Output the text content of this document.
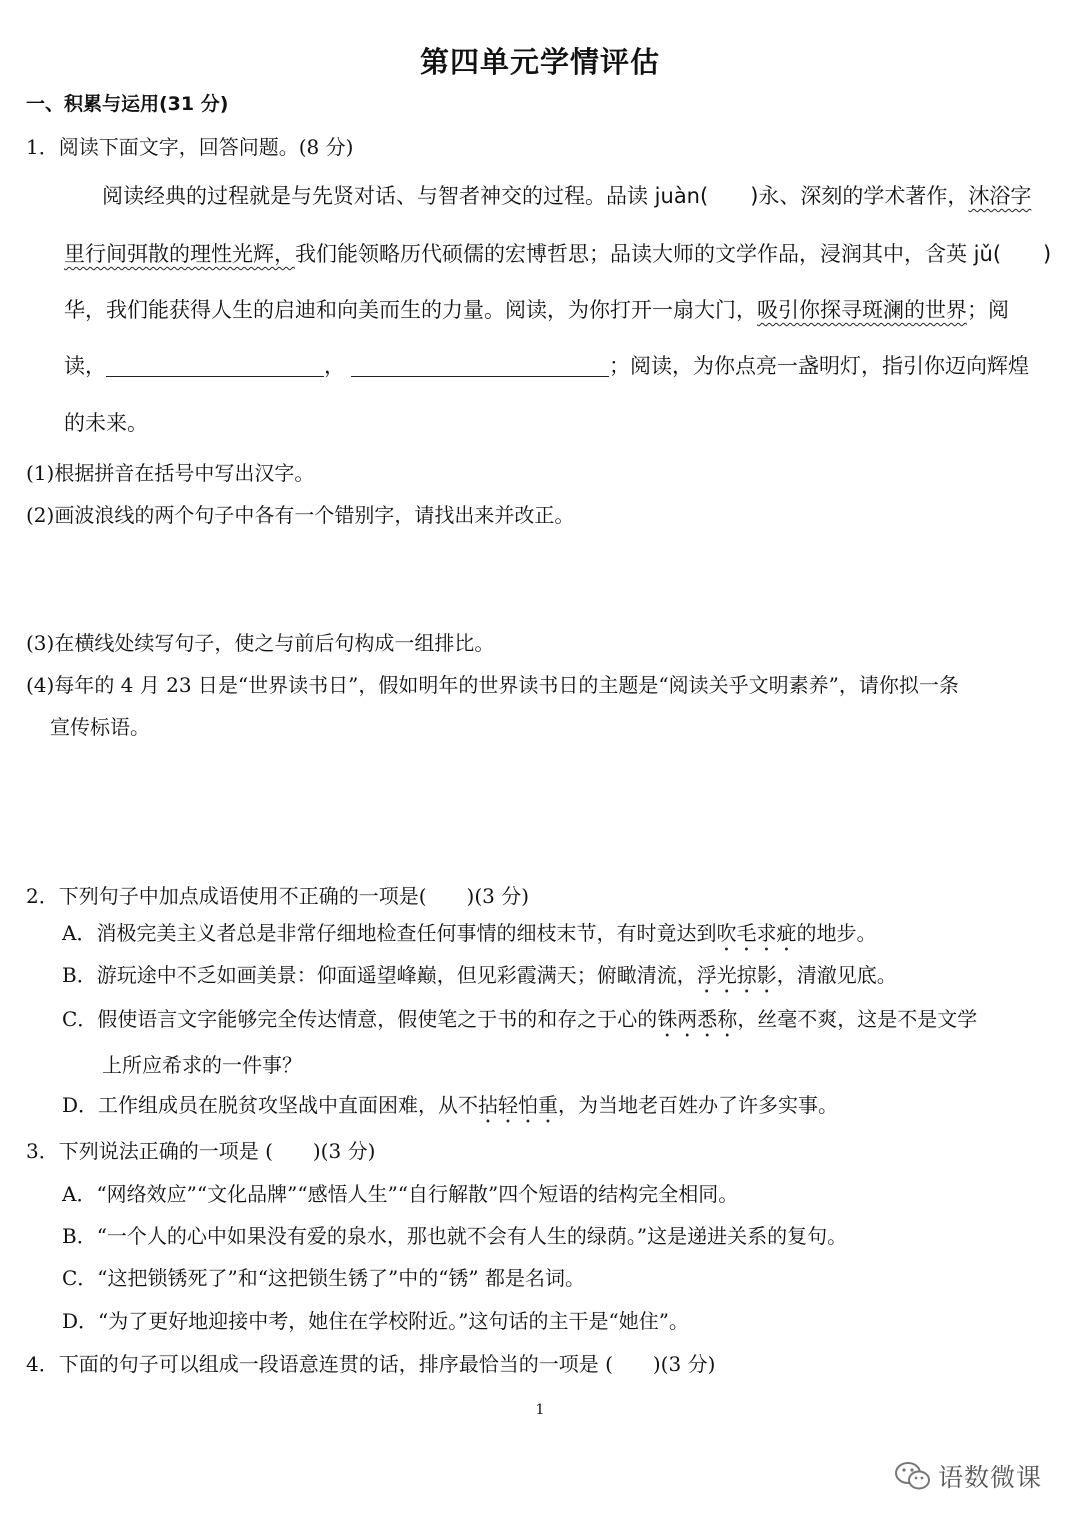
第四单元学情评估
一、积累与运用(31 分)
1．阅读下面文字，回答问题。(8 分)
阅读经典的过程就是与先贤对话、与智者神交的过程。品读 juàn(　　)永、深刻的学术著作，沐浴字
里行间弭散的理性光辉，我们能领略历代硕儒的宏博哲思；品读大师的文学作品，浸润其中，含英 jǔ(　　)
华，我们能获得人生的启迪和向美而生的力量。阅读，为你打开一扇大门，吸引你探寻斑澜的世界；阅
读，	，	；阅读，为你点亮一盏明灯，指引你迈向辉煌
的未来。
(1)根据拼音在括号中写出汉字。
(2)画波浪线的两个句子中各有一个错别字，请找出来并改正。
(3)在横线处续写句子，使之与前后句构成一组排比。
(4)每年的 4 月 23 日是“世界读书日”，假如明年的世界读书日的主题是“阅读关乎文明素养”，请你拟一条
宣传标语。
2．下列句子中加点成语使用不正确的一项是(　　)(3 分)
A．消极完美主义者总是非常仔细地检查任何事情的细枝末节，有时竟达到吹毛求疵的地步。
B．游玩途中不乏如画美景：仰面遥望峰巅，但见彩霞满天；俯瞰清流，浮光掠影，清澈见底。
C．假使语言文字能够完全传达情意，假使笔之于书的和存之于心的铢两悉称，丝毫不爽，这是不是文学
上所应希求的一件事？
D．工作组成员在脱贫攻坚战中直面困难，从不拈轻怕重，为当地老百姓办了许多实事。
3．下列说法正确的一项是 (　　)(3 分)
A．“网络效应”“文化品牌”“感悟人生”“自行解散”四个短语的结构完全相同。
B．“一个人的心中如果没有爱的泉水，那也就不会有人生的绿荫。”这是递进关系的复句。
C．“这把锁锈死了”和“这把锁生锈了”中的“锈” 都是名词。
D．“为了更好地迎接中考，她住在学校附近。”这句话的主干是“她住”。
4．下面的句子可以组成一段语意连贯的话，排序最恰当的一项是 (　　)(3 分)
1
语数微课
